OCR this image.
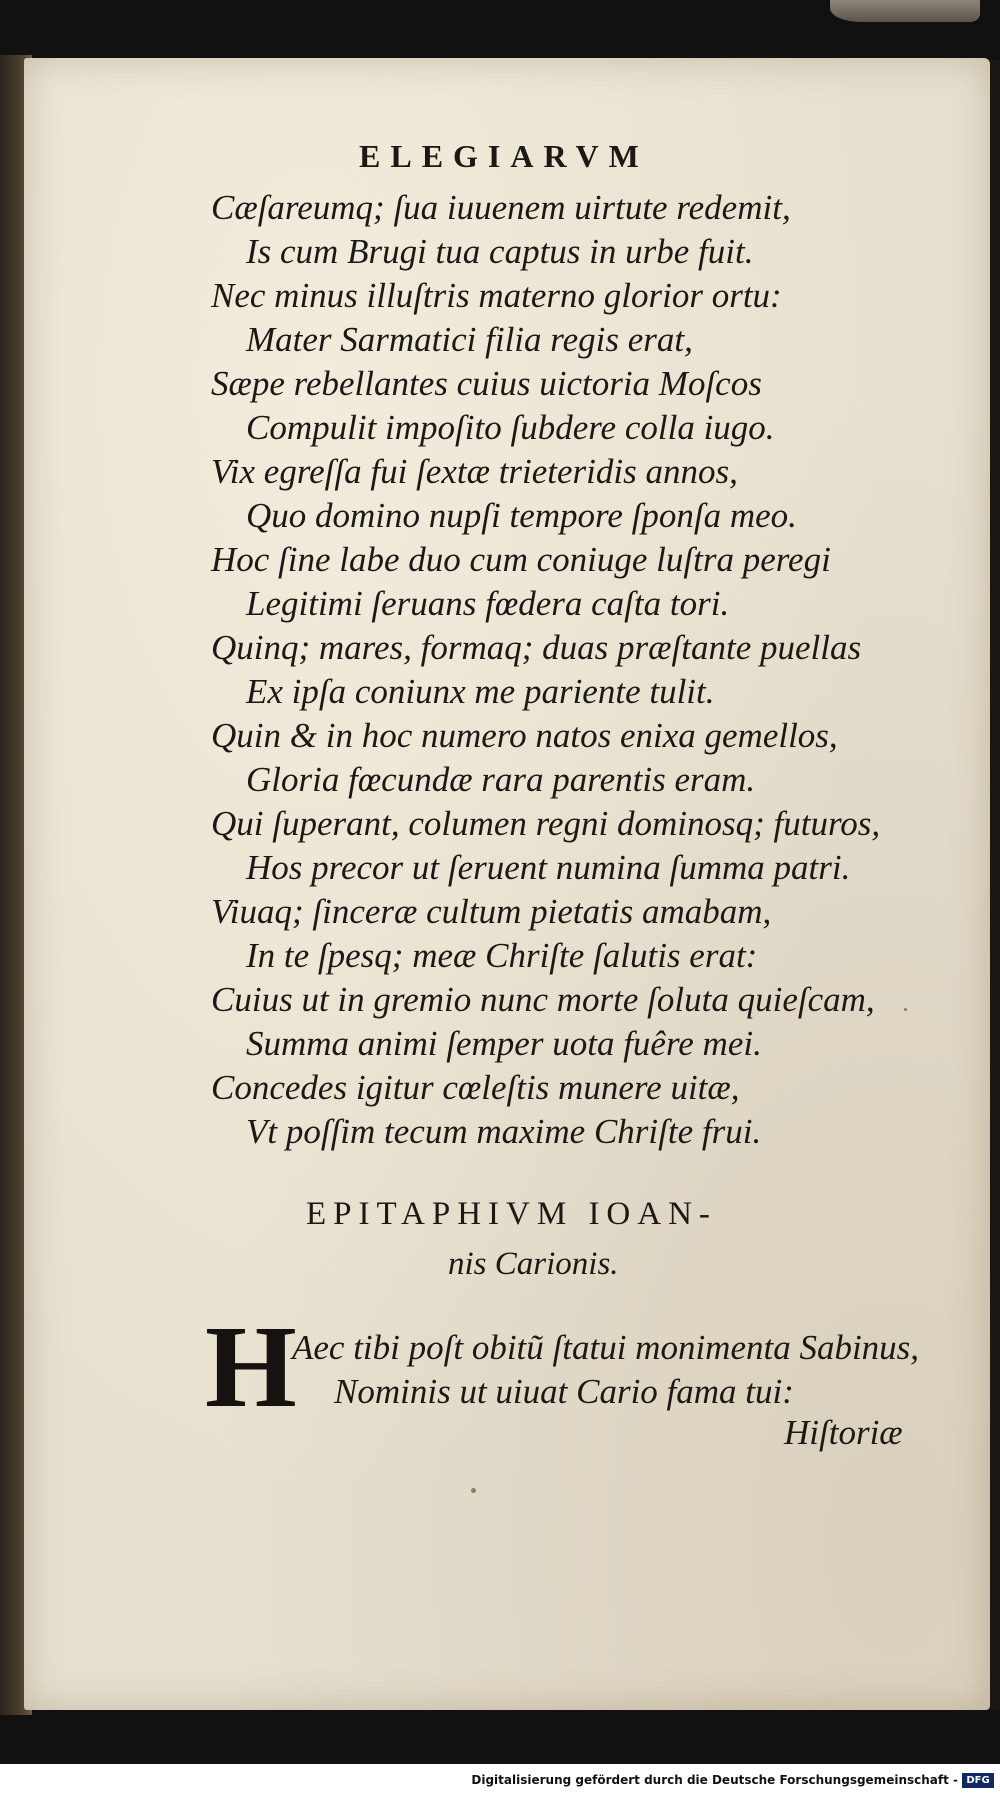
ELEGIARVM
Cæſareumq; ſua iuuenem uirtute redemit,
Is cum Brugi tua captus in urbe fuit.
Nec minus illuſtris materno glorior ortu:
Mater Sarmatici filia regis erat,
Sæpe rebellantes cuius uictoria Moſcos
Compulit impoſito ſubdere colla iugo.
Vix egreſſa fui ſextæ trieteridis annos,
Quo domino nupſi tempore ſponſa meo.
Hoc ſine labe duo cum coniuge luſtra peregi
Legitimi ſeruans fœdera caſta tori.
Quinq; mares, formaq; duas præſtante puellas
Ex ipſa coniunx me pariente tulit.
Quin & in hoc numero natos enixa gemellos,
Gloria fœcundæ rara parentis eram.
Qui ſuperant, columen regni dominosq; futuros,
Hos precor ut ſeruent numina ſumma patri.
Viuaq; ſinceræ cultum pietatis amabam,
In te ſpesq; meæ Chriſte ſalutis erat:
Cuius ut in gremio nunc morte ſoluta quieſcam,
Summa animi ſemper uota fuêre mei.
Concedes igitur cœleſtis munere uitæ,
Vt poſſim tecum maxime Chriſte frui.
EPITAPHIVM IOAN-
nis Carionis.
H
Aec tibi poſt obitũ ſtatui monimenta Sabinus,
Nominis ut uiuat Cario fama tui:
Hiſtoriæ
Digitalisierung gefördert durch die Deutsche Forschungsgemeinschaft - DFG
